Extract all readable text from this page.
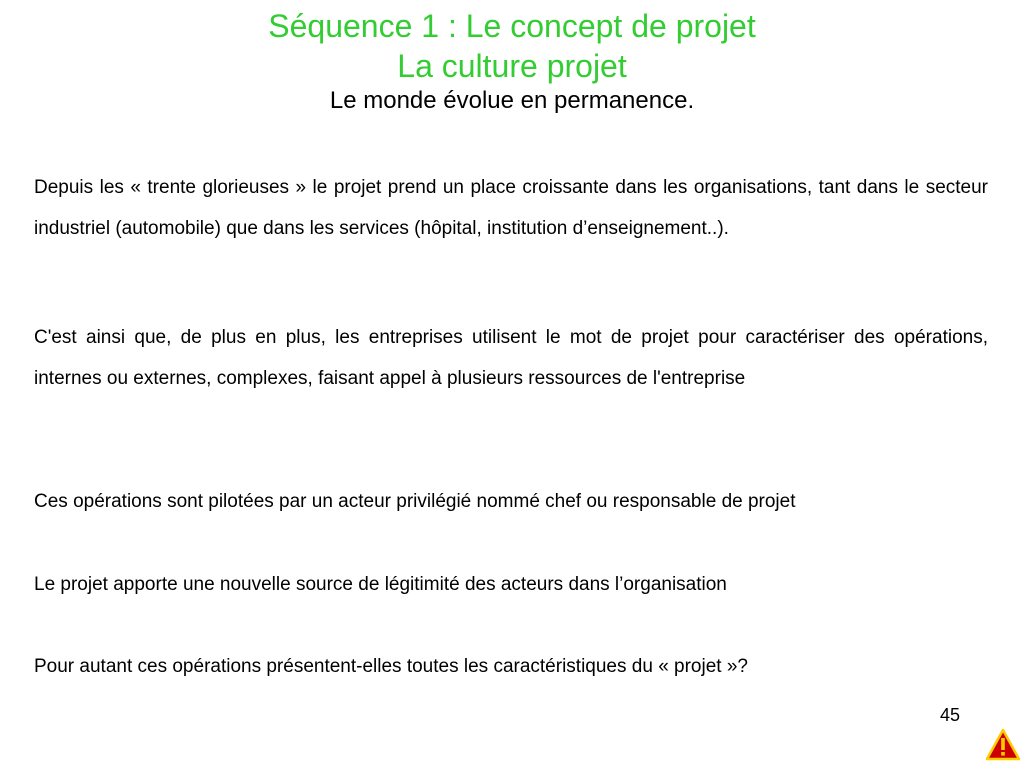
Séquence 1 : Le concept de projet
La culture projet
Le monde évolue en permanence.
Depuis les « trente glorieuses » le projet prend un place croissante dans les organisations, tant dans le secteur industriel (automobile) que dans les services (hôpital, institution d’enseignement..).
C'est ainsi que, de plus en plus, les entreprises utilisent le mot de projet pour caractériser des opérations, internes ou externes, complexes, faisant appel à plusieurs ressources de l'entreprise
Ces opérations sont pilotées par un acteur privilégié nommé chef ou responsable de projet
Le projet apporte une nouvelle source de légitimité des acteurs dans l’organisation
Pour autant ces opérations présentent-elles toutes les caractéristiques du « projet »?
45
